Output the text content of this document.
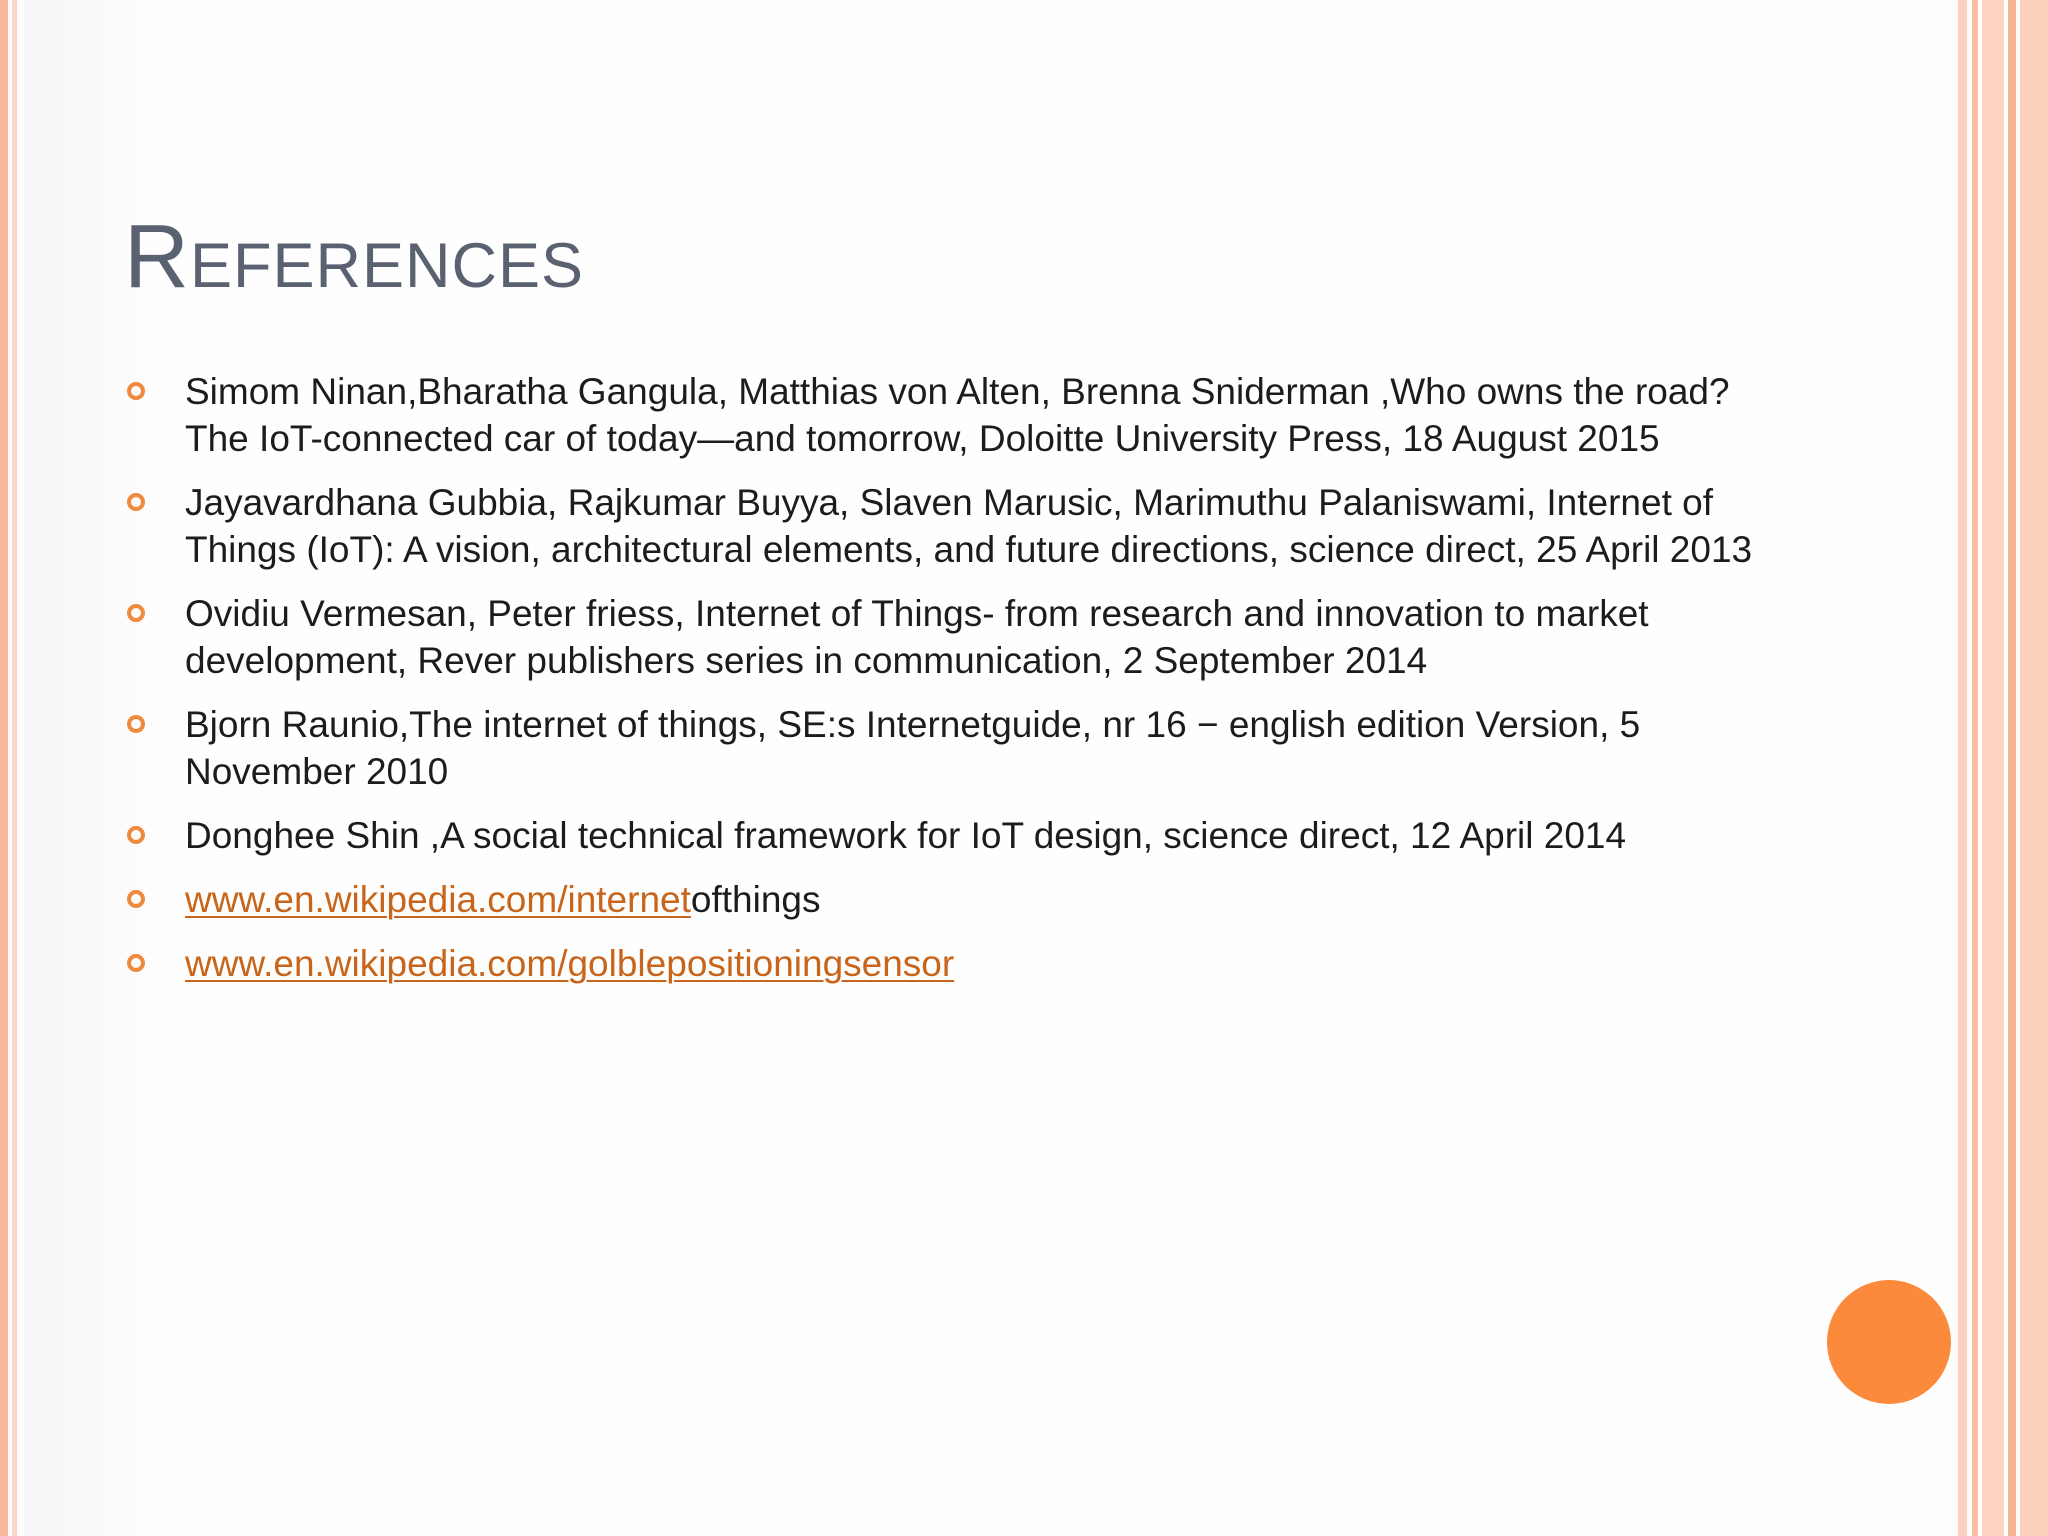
References
Simom Ninan,Bharatha Gangula, Matthias von Alten, Brenna Sniderman ,Who owns the road? The IoT-connected car of today—and tomorrow, Doloitte University Press, 18 August 2015
Jayavardhana Gubbia, Rajkumar Buyya, Slaven Marusic, Marimuthu Palaniswami, Internet of Things (IoT): A vision, architectural elements, and future directions, science direct, 25 April 2013
Ovidiu Vermesan, Peter friess, Internet of Things- from research and innovation to market development, Rever publishers series in communication, 2 September 2014
Bjorn Raunio,The internet of things, SE:s Internetguide, nr 16 − english edition Version, 5 November 2010
Donghee Shin ,A social technical framework for IoT design, science direct, 12 April 2014
www.en.wikipedia.com/internetofthings
www.en.wikipedia.com/golblepositioningsensor
